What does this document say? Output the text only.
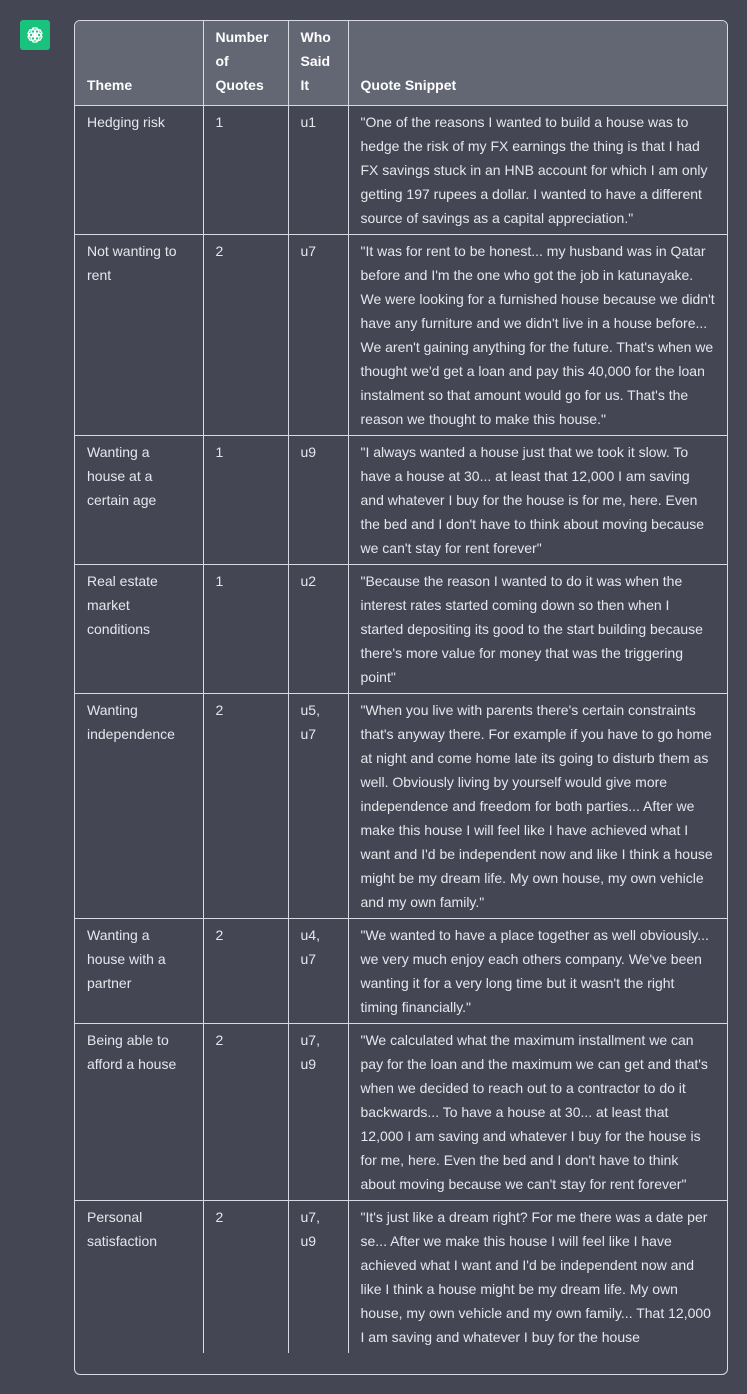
Theme	Number of Quotes	Who Said It	Quote Snippet
Hedging risk	1	u1	"One of the reasons I wanted to build a house was to hedge the risk of my FX earnings the thing is that I had FX savings stuck in an HNB account for which I am only getting 197 rupees a dollar. I wanted to have a different source of savings as a capital appreciation."
Not wanting to rent	2	u7	"It was for rent to be honest... my husband was in Qatar before and I'm the one who got the job in katunayake. We were looking for a furnished house because we didn't have any furniture and we didn't live in a house before... We aren't gaining anything for the future. That's when we thought we'd get a loan and pay this 40,000 for the loan instalment so that amount would go for us. That's the reason we thought to make this house."
Wanting a house at a certain age	1	u9	"I always wanted a house just that we took it slow. To have a house at 30... at least that 12,000 I am saving and whatever I buy for the house is for me, here. Even the bed and I don't have to think about moving because we can't stay for rent forever"
Real estate market conditions	1	u2	"Because the reason I wanted to do it was when the interest rates started coming down so then when I started depositing its good to the start building because there's more value for money that was the triggering point"
Wanting independence	2	u5, u7	"When you live with parents there's certain constraints that's anyway there. For example if you have to go home at night and come home late its going to disturb them as well. Obviously living by yourself would give more independence and freedom for both parties... After we make this house I will feel like I have achieved what I want and I'd be independent now and like I think a house might be my dream life. My own house, my own vehicle and my own family."
Wanting a house with a partner	2	u4, u7	"We wanted to have a place together as well obviously... we very much enjoy each others company. We've been wanting it for a very long time but it wasn't the right timing financially."
Being able to afford a house	2	u7, u9	"We calculated what the maximum installment we can pay for the loan and the maximum we can get and that's when we decided to reach out to a contractor to do it backwards... To have a house at 30... at least that 12,000 I am saving and whatever I buy for the house is for me, here. Even the bed and I don't have to think about moving because we can't stay for rent forever"
Personal satisfaction	2	u7, u9	"It's just like a dream right? For me there was a date per se... After we make this house I will feel like I have achieved what I want and I'd be independent now and like I think a house might be my dream life. My own house, my own vehicle and my own family... That 12,000 I am saving and whatever I buy for the house
